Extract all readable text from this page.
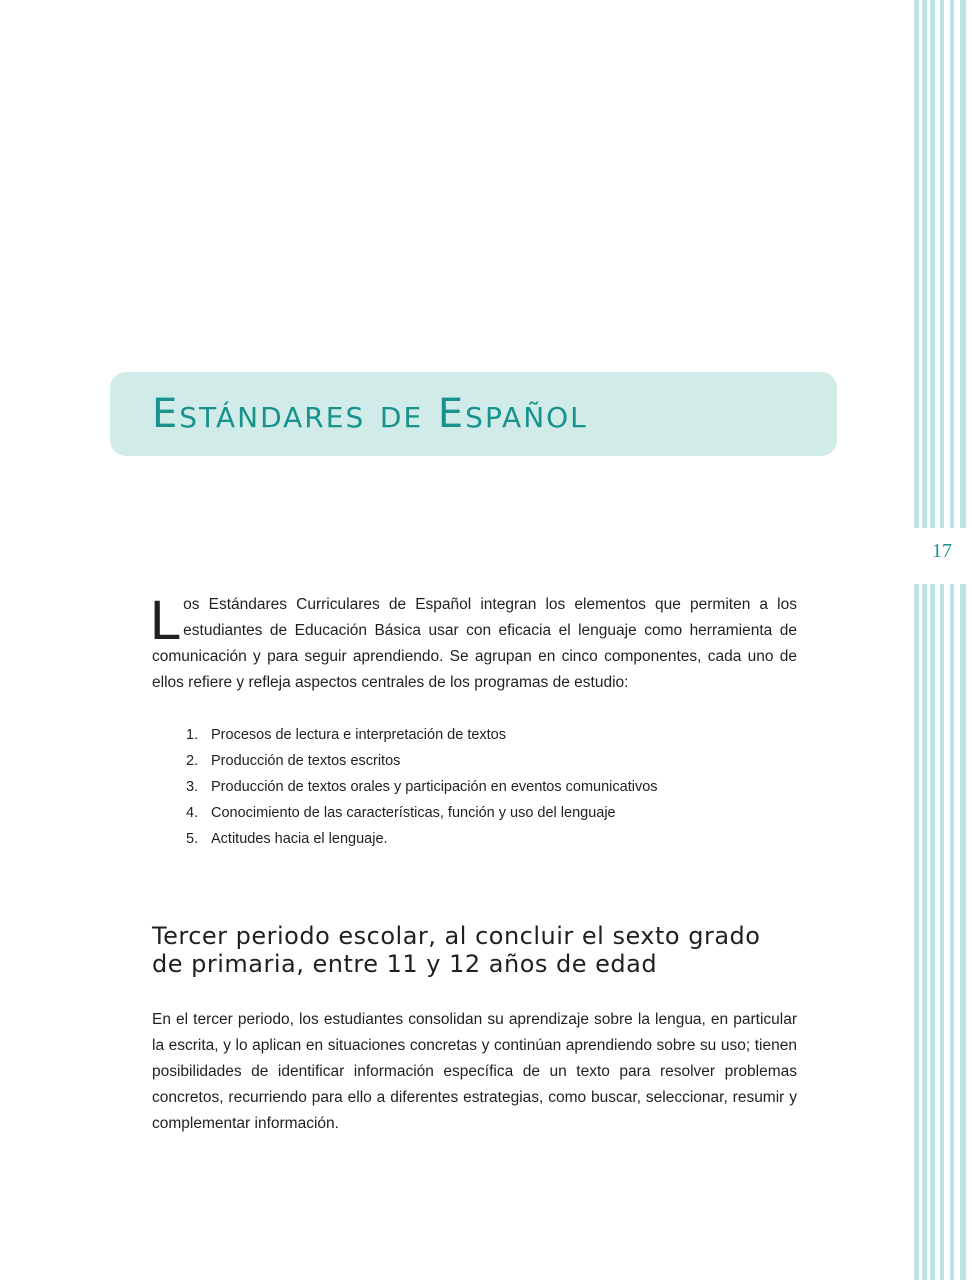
17
Estándares de Español

Los Estándares Curriculares de Español integran los elementos que permiten a los estudiantes de Educación Básica usar con eficacia el lenguaje como herramienta de comunicación y para seguir aprendiendo. Se agrupan en cinco componentes, cada uno de ellos refiere y refleja aspectos centrales de los programas de estudio:

1. Procesos de lectura e interpretación de textos
2. Producción de textos escritos
3. Producción de textos orales y participación en eventos comunicativos
4. Conocimiento de las características, función y uso del lenguaje
5. Actitudes hacia el lenguaje.
Tercer periodo escolar, al concluir el sexto grado
de primaria, entre 11 y 12 años de edad

En el tercer periodo, los estudiantes consolidan su aprendizaje sobre la lengua, en particular la escrita, y lo aplican en situaciones concretas y continúan aprendiendo sobre su uso; tienen posibilidades de identificar información específica de un texto para resolver problemas concretos, recurriendo para ello a diferentes estrategias, como buscar, seleccionar, resumir y complementar información.
